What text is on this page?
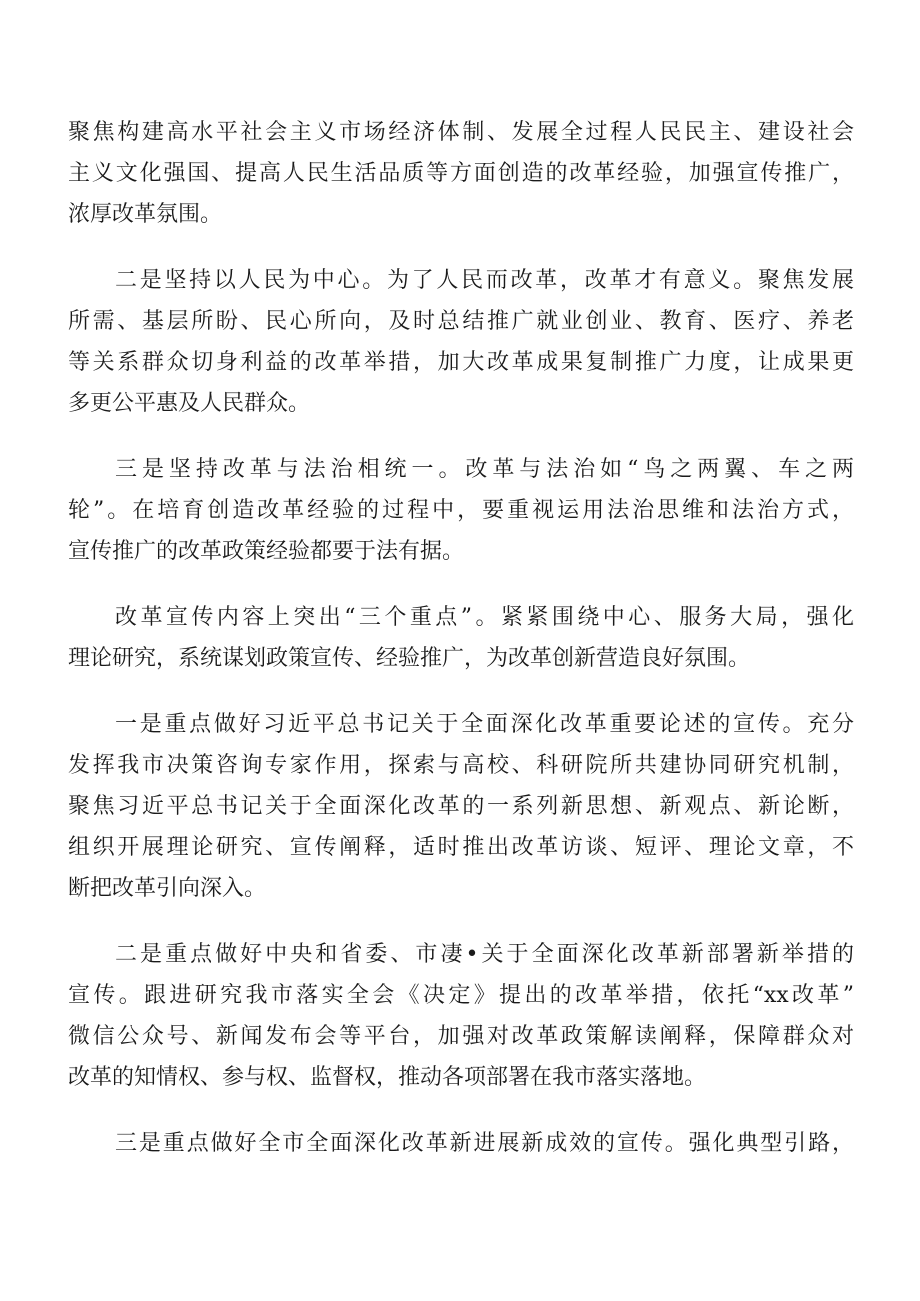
聚焦构建高水平社会主义市场经济体制、发展全过程人民民主、建设社会
主义文化强国、提高人民生活品质等方面创造的改革经验，加强宣传推广，
浓厚改革氛围。
二是坚持以人民为中心。为了人民而改革，改革才有意义。聚焦发展
所需、基层所盼、民心所向，及时总结推广就业创业、教育、医疗、养老
等关系群众切身利益的改革举措，加大改革成果复制推广力度，让成果更
多更公平惠及人民群众。
三是坚持改革与法治相统一。改革与法治如“鸟之两翼、车之两
轮”。在培育创造改革经验的过程中，要重视运用法治思维和法治方式，
宣传推广的改革政策经验都要于法有据。
改革宣传内容上突出“三个重点”。紧紧围绕中心、服务大局，强化
理论研究，系统谋划政策宣传、经验推广，为改革创新营造良好氛围。
一是重点做好习近平总书记关于全面深化改革重要论述的宣传。充分
发挥我市决策咨询专家作用，探索与高校、科研院所共建协同研究机制，
聚焦习近平总书记关于全面深化改革的一系列新思想、新观点、新论断，
组织开展理论研究、宣传阐释，适时推出改革访谈、短评、理论文章，不
断把改革引向深入。
二是重点做好中央和省委、市凄•关于全面深化改革新部署新举措的
宣传。跟进研究我市落实全会《决定》提出的改革举措，依托“xx改革”
微信公众号、新闻发布会等平台，加强对改革政策解读阐释，保障群众对
改革的知情权、参与权、监督权，推动各项部署在我市落实落地。
三是重点做好全市全面深化改革新进展新成效的宣传。强化典型引路，
